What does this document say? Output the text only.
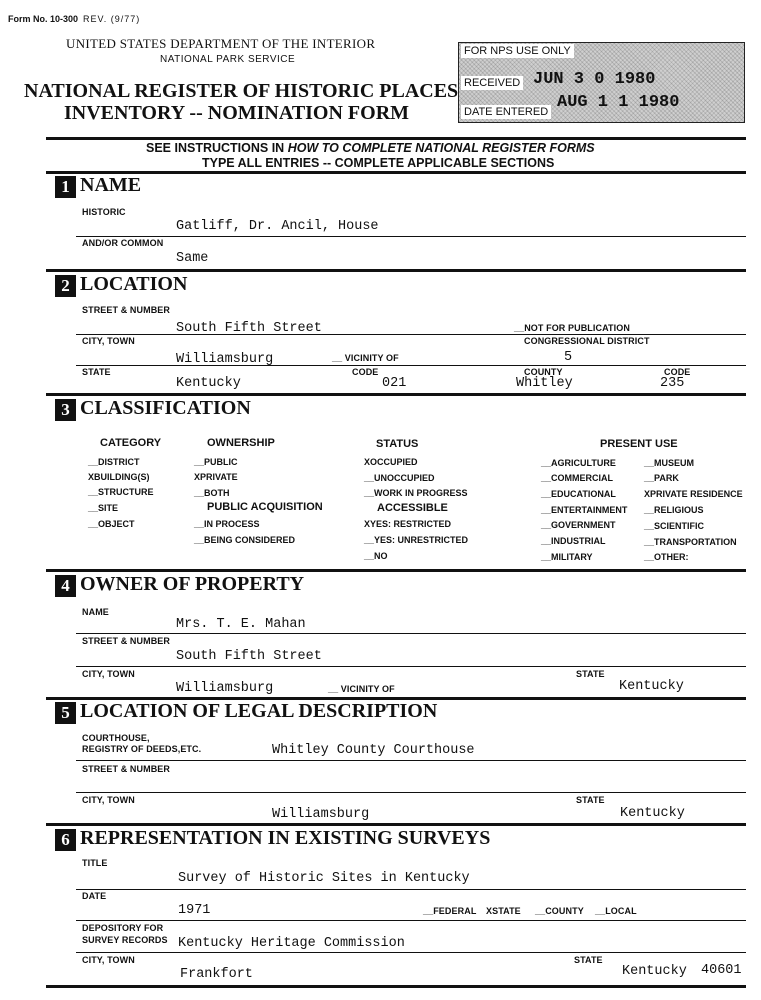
Form No. 10-300 REV. (9/77)
UNITED STATES DEPARTMENT OF THE INTERIOR
NATIONAL PARK SERVICE
NATIONAL REGISTER OF HISTORIC PLACES
INVENTORY -- NOMINATION FORM
FOR NPS USE ONLY
RECEIVED JUN 3 0 1980
DATE ENTERED AUG 1 1 1980
SEE INSTRUCTIONS IN HOW TO COMPLETE NATIONAL REGISTER FORMS
TYPE ALL ENTRIES -- COMPLETE APPLICABLE SECTIONS
1 NAME
HISTORIC
Gatliff, Dr. Ancil, House
AND/OR COMMON
Same
2 LOCATION
STREET & NUMBER
South Fifth Street	__NOT FOR PUBLICATION
CITY, TOWN	CONGRESSIONAL DISTRICT
Williamsburg	__ VICINITY OF	5
STATE	CODE	COUNTY	CODE
Kentucky	021	Whitley	235
3 CLASSIFICATION
CATEGORY
__DISTRICT
XBUILDING(S)
__STRUCTURE
__SITE
__OBJECT
OWNERSHIP
__PUBLIC
XPRIVATE
__BOTH
PUBLIC ACQUISITION
__IN PROCESS
__BEING CONSIDERED
STATUS
XOCCUPIED
__UNOCCUPIED
__WORK IN PROGRESS
ACCESSIBLE
XYES: RESTRICTED
__YES: UNRESTRICTED
__NO
PRESENT USE
__AGRICULTURE
__COMMERCIAL
__EDUCATIONAL
__ENTERTAINMENT
__GOVERNMENT
__INDUSTRIAL
__MILITARY
__MUSEUM
__PARK
XPRIVATE RESIDENCE
__RELIGIOUS
__SCIENTIFIC
__TRANSPORTATION
__OTHER:
4 OWNER OF PROPERTY
NAME
Mrs. T. E. Mahan
STREET & NUMBER
South Fifth Street
CITY, TOWN	STATE
Williamsburg	__ VICINITY OF	Kentucky
5 LOCATION OF LEGAL DESCRIPTION
COURTHOUSE,
REGISTRY OF DEEDS,ETC.	Whitley County Courthouse
STREET & NUMBER
CITY, TOWN	STATE
Williamsburg	Kentucky
6 REPRESENTATION IN EXISTING SURVEYS
TITLE
Survey of Historic Sites in Kentucky
DATE
1971	__FEDERAL XSTATE __COUNTY __LOCAL
DEPOSITORY FOR
SURVEY RECORDS Kentucky Heritage Commission
CITY, TOWN	STATE
Frankfort	Kentucky 40601
